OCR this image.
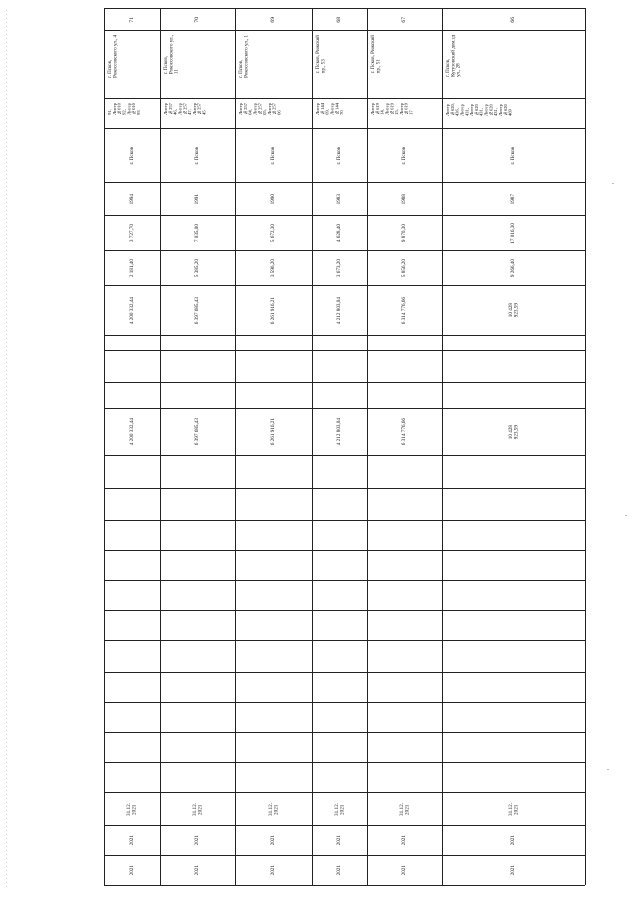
66
г. Псков,
Кутузовский дом.зд
ул., 28
Литер
№620,
43б,
Литер
431,
Литер
№620
431,
Литер
№620
431,
Литер
№620
469
г. Псков
1987
17 016,30
9 266,40
10 428
923,59
10 428
923,59
31.12.
2021
2021
2021
67
г. Псков, Рижский
пр., 51
Литер
№619
14,
Литер
№619
15,
Литер
№619
17
г. Псков
1988
9 870,30
5 856,20
6 314 776,66
6 314 776,66
31.12.
2021
2021
2021
68
г. Псков, Рижский
пр., 53
Литер
№144
69,
Литер
№144
70
г. Псков
1983
4 628,40
3 673,20
4 212 803,04
4 212 803,04
31.12.
2021
2021
2021
69
г. Псков,
Рокоссовского ул., 1
Литер
№257
04,
Литер
№257
05,
Литер
№257
06
г. Псков
1990
5 672,30
3 596,20
6 261 916,21
6 261 916,21
31.12.
2021
2021
2021
70
г. Псков,
Рокоссовского ул.,
11
Литер
№257
46,
Литер
№257
47,
Литер
№257
45
г. Псков
1991
7 035,00
5 385,20
6 397 685,43
6 397 685,43
31.12.
2021
2021
2021
71
г. Псков,
Рокоссовского ул., 4
91,
Литер
№010
92,
Литер
№010
93
г. Псков
1994
3 727,70
2 181,40
4 200 332,44
4 200 332,44
31.12.
2021
2021
2021
